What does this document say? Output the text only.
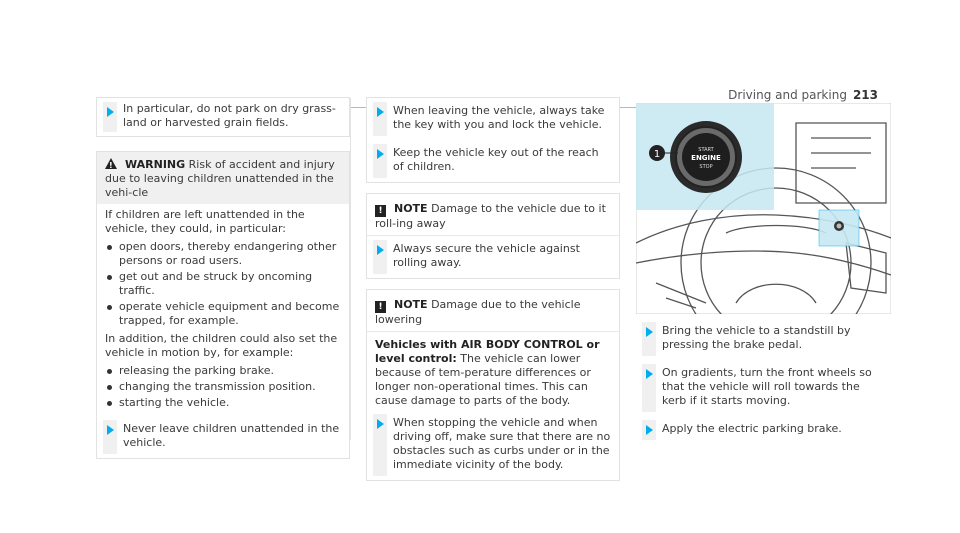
Driving and parking 213
In particular, do not park on dry grass-land or harvested grain fields.
!WARNING Risk of accident and injury due to leaving children unattended in the vehi-cle
If children are left unattended in the vehicle, they could, in particular:
open doors, thereby endangering other persons or road users.
get out and be struck by oncoming traffic.
operate vehicle equipment and become trapped, for example.
In addition, the children could also set the vehicle in motion by, for example:
releasing the parking brake.
changing the transmission position.
starting the vehicle.
Never leave children unattended in the vehicle.
When leaving the vehicle, always take the key with you and lock the vehicle.
Keep the vehicle key out of the reach of children.
! NOTE Damage to the vehicle due to it roll-ing away
Always secure the vehicle against rolling away.
! NOTE Damage due to the vehicle lowering
Vehicles with AIR BODY CONTROL or level control: The vehicle can lower because of tem-perature differences or longer non-operational times. This can cause damage to parts of the body.
When stopping the vehicle and when driving off, make sure that there are no obstacles such as curbs under or in the immediate vicinity of the body.
START
ENGINE
STOP
1
Bring the vehicle to a standstill by pressing the brake pedal.
On gradients, turn the front wheels so that the vehicle will roll towards the kerb if it starts moving.
Apply the electric parking brake.
